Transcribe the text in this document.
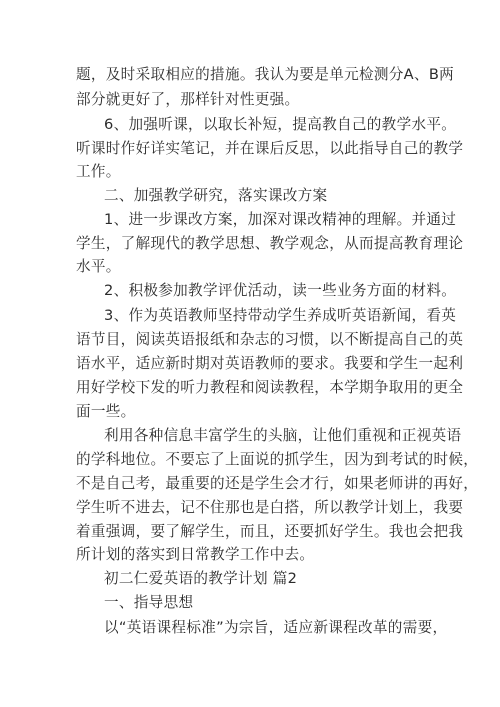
题，及时采取相应的措施。我认为要是单元检测分A、B两
部分就更好了，那样针对性更强。
6、加强听课，以取长补短，提高教自己的教学水平。
听课时作好详实笔记，并在课后反思，以此指导自己的教学
工作。
二、加强教学研究，落实课改方案
1、进一步课改方案，加深对课改精神的理解。并通过
学生，了解现代的教学思想、教学观念，从而提高教育理论
水平。
2、积极参加教学评优活动，读一些业务方面的材料。
3、作为英语教师坚持带动学生养成听英语新闻，看英
语节目，阅读英语报纸和杂志的习惯，以不断提高自己的英
语水平，适应新时期对英语教师的要求。我要和学生一起利
用好学校下发的听力教程和阅读教程，本学期争取用的更全
面一些。
利用各种信息丰富学生的头脑，让他们重视和正视英语
的学科地位。不要忘了上面说的抓学生，因为到考试的时候，
不是自己考，最重要的还是学生会才行，如果老师讲的再好，
学生听不进去，记不住那也是白搭，所以教学计划上，我要
着重强调，要了解学生，而且，还要抓好学生。我也会把我
所计划的落实到日常教学工作中去。
初二仁爱英语的教学计划 篇2
一、指导思想
以“英语课程标准”为宗旨，适应新课程改革的需要，
